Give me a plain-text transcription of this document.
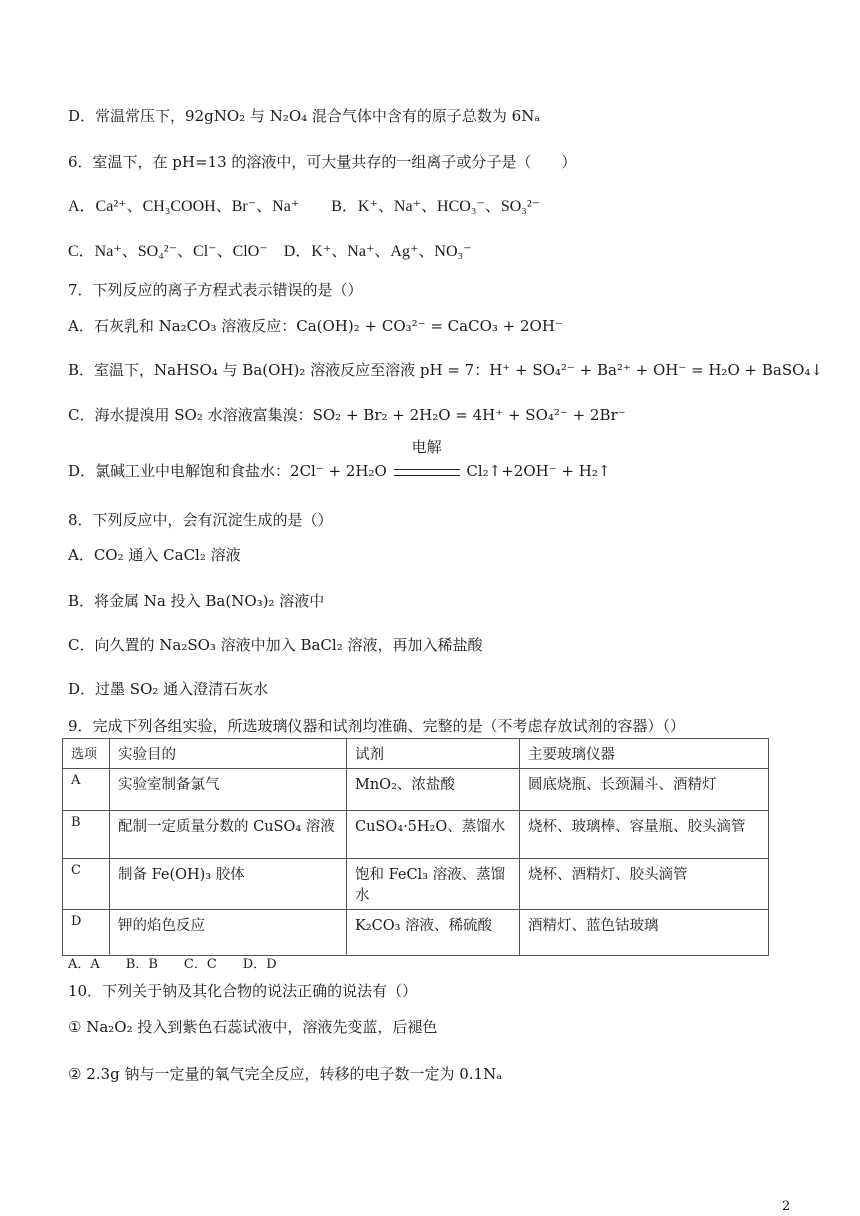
D．常温常压下，92gNO₂ 与 N₂O₄ 混合气体中含有的原子总数为 6Nₐ
6．室温下，在 pH=13 的溶液中，可大量共存的一组离子或分子是（　　）
A．Ca²⁺、CH₃COOH、Br⁻、Na⁺　　B．K⁺、Na⁺、HCO₃⁻、SO₃²⁻
C．Na⁺、SO₄²⁻、Cl⁻、ClO⁻　D．K⁺、Na⁺、Ag⁺、NO₃⁻
7．下列反应的离子方程式表示错误的是（）
A．石灰乳和 Na₂CO₃ 溶液反应：Ca(OH)₂ + CO₃²⁻ = CaCO₃ + 2OH⁻
B．室温下，NaHSO₄ 与 Ba(OH)₂ 溶液反应至溶液 pH = 7：H⁺ + SO₄²⁻ + Ba²⁺ + OH⁻ = H₂O + BaSO₄↓
C．海水提溴用 SO₂ 水溶液富集溴：SO₂ + Br₂ + 2H₂O = 4H⁺ + SO₄²⁻ + 2Br⁻
D．氯碱工业中电解饱和食盐水：2Cl⁻ + 2H₂O
电解
Cl₂↑+2OH⁻ + H₂↑
8．下列反应中，会有沉淀生成的是（）
A．CO₂ 通入 CaCl₂ 溶液
B．将金属 Na 投入 Ba(NO₃)₂ 溶液中
C．向久置的 Na₂SO₃ 溶液中加入 BaCl₂ 溶液，再加入稀盐酸
D．过墨 SO₂ 通入澄清石灰水
9．完成下列各组实验，所选玻璃仪器和试剂均准确、完整的是（不考虑存放试剂的容器）（）
选项	实验目的	试剂	主要玻璃仪器
A	实验室制备氯气	MnO₂、浓盐酸	圆底烧瓶、长颈漏斗、酒精灯
B	配制一定质量分数的 CuSO₄ 溶液	CuSO₄·5H₂O、蒸馏水	烧杯、玻璃棒、容量瓶、胶头滴管
C	制备 Fe(OH)₃ 胶体	饱和 FeCl₃ 溶液、蒸馏水	烧杯、酒精灯、胶头滴管
D	钾的焰色反应	K₂CO₃ 溶液、稀硫酸	酒精灯、蓝色钴玻璃
A．A　　B．B　　C．C　　D．D
10．下列关于钠及其化合物的说法正确的说法有（）
① Na₂O₂ 投入到紫色石蕊试液中，溶液先变蓝，后褪色
② 2.3g 钠与一定量的氧气完全反应，转移的电子数一定为 0.1Nₐ
2
